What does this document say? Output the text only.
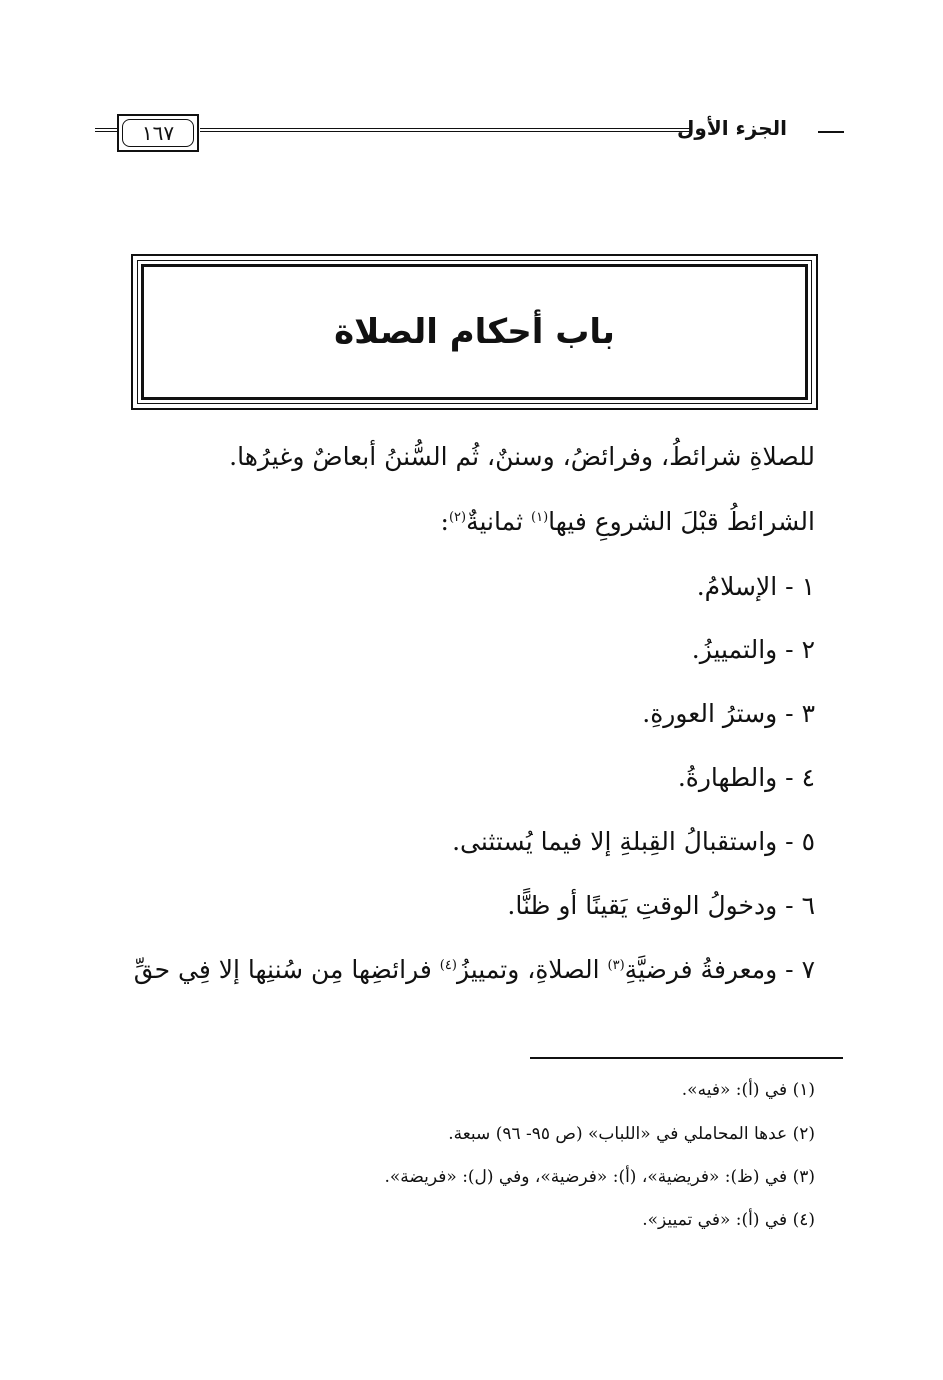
الجزء الأول
١٦٧
باب أحكام الصلاة
للصلاةِ شرائطُ، وفرائضُ، وسننٌ، ثُم السُّننُ أبعاضٌ وغيرُها.
الشرائطُ قبْلَ الشروعِ فيها$^{(١)}$ ثمانيةٌ$^{(٢)}$:
١ - الإسلامُ.
٢ - والتمييزُ.
٣ - وسترُ العورةِ.
٤ - والطهارةُ.
٥ - واستقبالُ القِبلةِ إلا فيما يُستثنى.
٦ - ودخولُ الوقتِ يَقينًا أو ظنًّا.
٧ - ومعرفةُ فرضيَّةِ$^{(٣)}$ الصلاةِ، وتمييزُ$^{(٤)}$ فرائضِها مِن سُننِها إلا فِي حقِّ
(١) في (أ): «فيه».
(٢) عدها المحاملي في «اللباب» (ص ٩٥- ٩٦) سبعة.
(٣) في (ظ): «فريضية»، (أ): «فرضية»، وفي (ل): «فريضة».
(٤) في (أ): «في تمييز».
